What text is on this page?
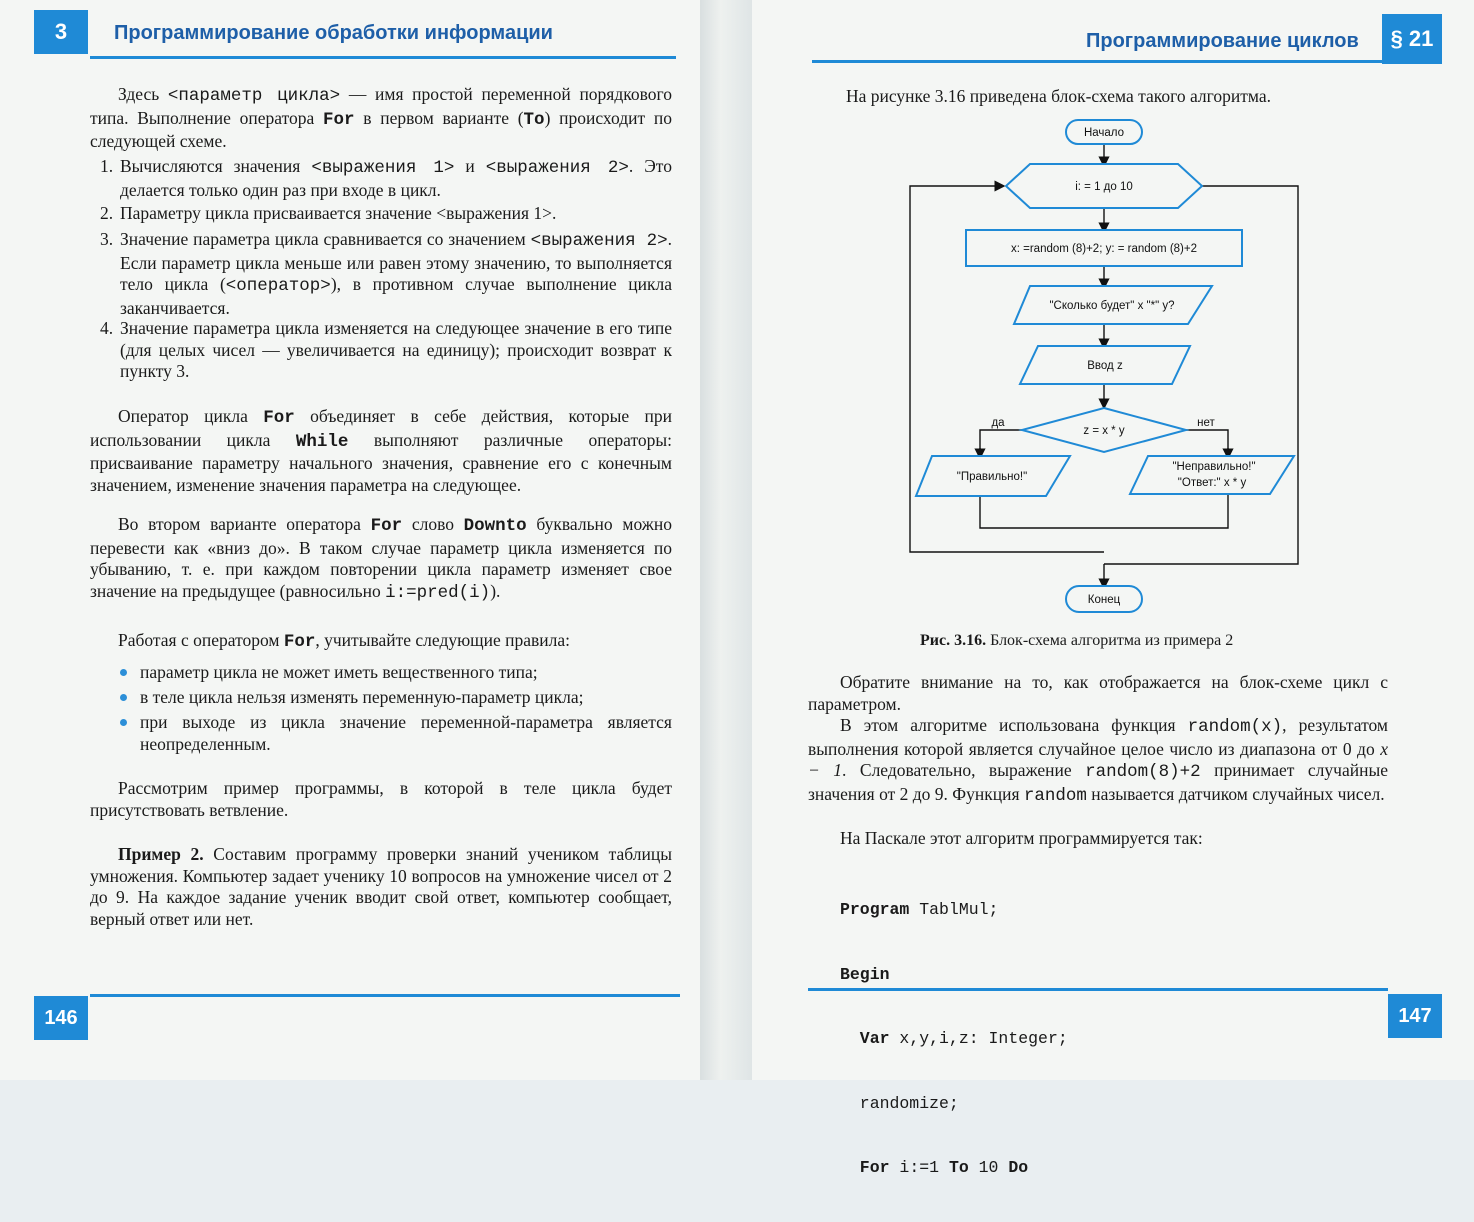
3 Программирование обработки информации
Здесь <параметр цикла> — имя простой переменной порядкового типа. Выполнение оператора For в первом варианте (To) происходит по следующей схеме.
1. Вычисляются значения <выражения 1> и <выражения 2>. Это делается только один раз при входе в цикл.
2. Параметру цикла присваивается значение <выражения 1>.
3. Значение параметра цикла сравнивается со значением <выражения 2>. Если параметр цикла меньше или равен этому значению, то выполняется тело цикла (<оператор>), в противном случае выполнение цикла заканчивается.
4. Значение параметра цикла изменяется на следующее значение в его типе (для целых чисел — увеличивается на единицу); происходит возврат к пункту 3.
Оператор цикла For объединяет в себе действия, которые при использовании цикла While выполняют различные операторы: присваивание параметру начального значения, сравнение его с конечным значением, изменение значения параметра на следующее.
Во втором варианте оператора For слово Downto буквально можно перевести как «вниз до». В таком случае параметр цикла изменяется по убыванию, т. е. при каждом повторении цикла параметр изменяет свое значение на предыдущее (равносильно i:=pred(i)).
Работая с оператором For, учитывайте следующие правила:
параметр цикла не может иметь вещественного типа;
в теле цикла нельзя изменять переменную-параметр цикла;
при выходе из цикла значение переменной-параметра является неопределенным.
Рассмотрим пример программы, в которой в теле цикла будет присутствовать ветвление.
Пример 2. Составим программу проверки знаний учеником таблицы умножения. Компьютер задает ученику 10 вопросов на умножение чисел от 2 до 9. На каждое задание ученик вводит свой ответ, компьютер сообщает, верный ответ или нет.
146
Программирование циклов § 21
На рисунке 3.16 приведена блок-схема такого алгоритма.
Начало
i: = 1 до 10
x: =random (8)+2; y: = random (8)+2
"Сколько будет" x "*" y?
Ввод z
z = x * y
да	нет
"Правильно!"
"Неправильно!"
"Ответ:" x * y
Конец
Рис. 3.16. Блок-схема алгоритма из примера 2
Обратите внимание на то, как отображается на блок-схеме цикл с параметром.
В этом алгоритме использована функция random(x), результатом выполнения которой является случайное целое число из диапазона от 0 до x − 1. Следовательно, выражение random(8)+2 принимает случайные значения от 2 до 9. Функция random называется датчиком случайных чисел.
На Паскале этот алгоритм программируется так:

Program TablMul;

Begin

Var x,y,i,z: Integer;

randomize;

For i:=1 To 10 Do

147
